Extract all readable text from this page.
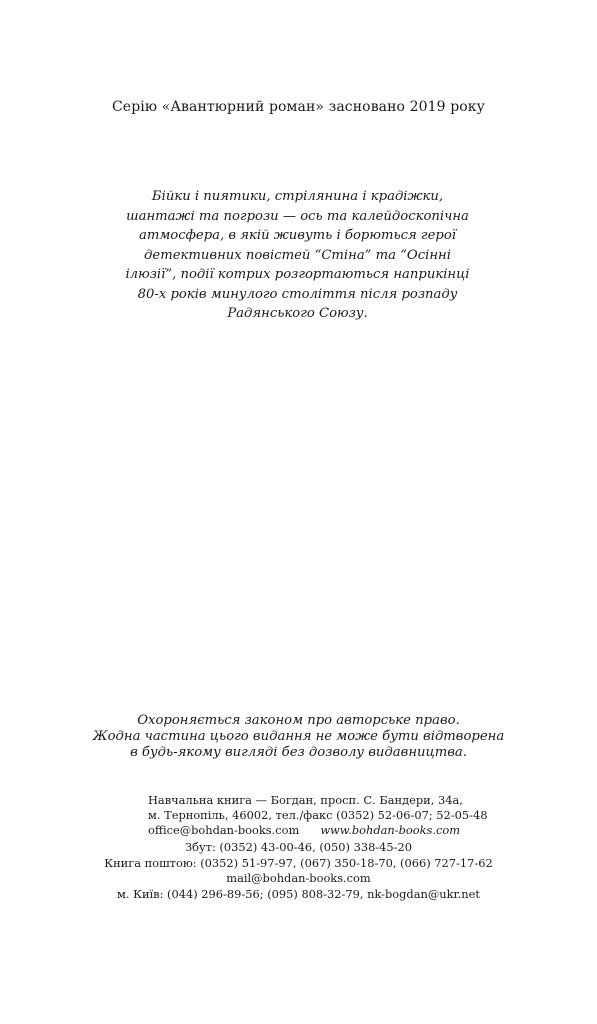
Серію «Авантюрний роман» засновано 2019 року
Бійки і пиятики, стрілянина і крадіжки,
шантажі та погрози — ось та калейдоскопічна
атмосфера, в якій живуть і борються герої
детективних повістей “Стіна” та “Осінні
ілюзії”, події котрих розгортаються наприкінці
80-х років минулого століття після розпаду
Радянського Союзу.
Охороняється законом про авторське право.
Жодна частина цього видання не може бути відтворена
в будь-якому вигляді без дозволу видавництва.
Навчальна книга — Богдан, просп. С. Бандери, 34а,
м. Тернопіль, 46002, тел./факс (0352) 52-06-07; 52-05-48
office@bohdan-books.com www.bohdan-books.com
Збут: (0352) 43-00-46, (050) 338-45-20
Книга поштою: (0352) 51-97-97, (067) 350-18-70, (066) 727-17-62
mail@bohdan-books.com
м. Київ: (044) 296-89-56; (095) 808-32-79, nk-bogdan@ukr.net
